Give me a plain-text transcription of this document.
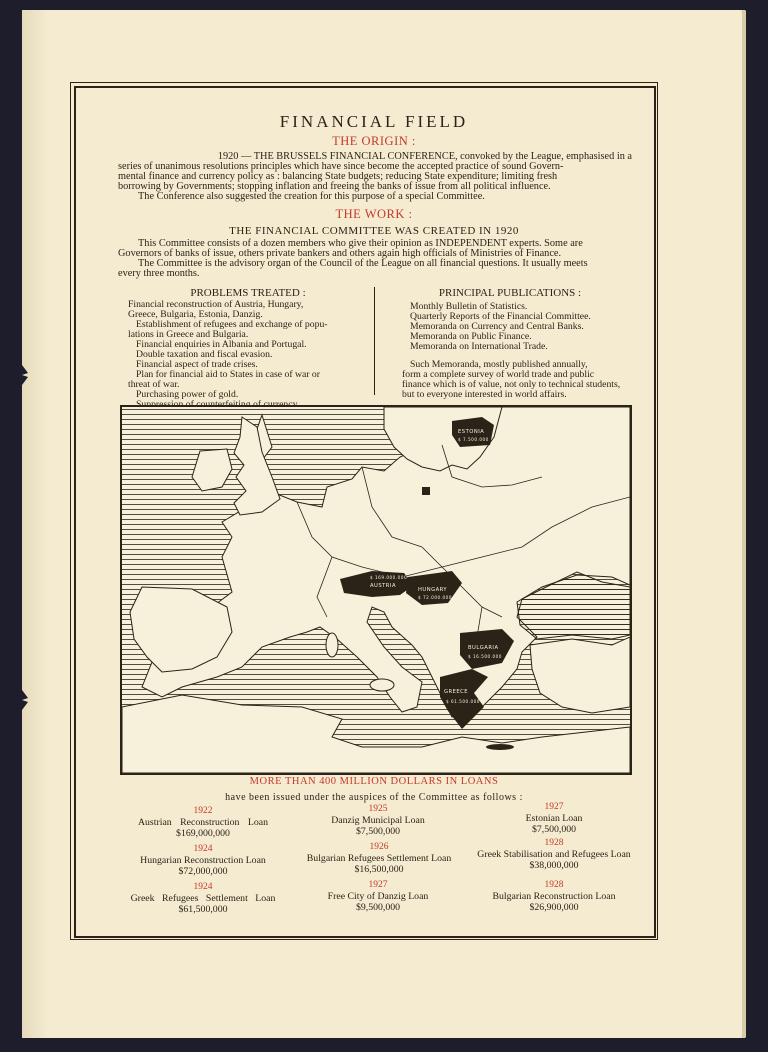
FINANCIAL FIELD

THE ORIGIN :

1920 — THE BRUSSELS FINANCIAL CONFERENCE, convoked by the League, emphasised in a

series of unanimous resolutions principles which have since become the accepted practice of sound Govern-

mental finance and currency policy as : balancing State budgets; reducing State expenditure; limiting fresh

borrowing by Governments; stopping inflation and freeing the banks of issue from all political influence.

The Conference also suggested the creation for this purpose of a special Committee.

THE WORK :

THE FINANCIAL COMMITTEE WAS CREATED IN 1920

This Committee consists of a dozen members who give their opinion as INDEPENDENT experts. Some are

Governors of banks of issue, others private bankers and others again high officials of Ministries of Finance.

The Committee is the advisory organ of the Council of the League on all financial questions. It usually meets

every three months.

PROBLEMS TREATED :

Financial reconstruction of Austria, Hungary,
Greece, Bulgaria, Estonia, Danzig.
Establishment of refugees and exchange of popu-
lations in Greece and Bulgaria.
Financial enquiries in Albania and Portugal.
Double taxation and fiscal evasion.
Financial aspect of trade crises.
Plan for financial aid to States in case of war or
threat of war.
Purchasing power of gold.

PRINCIPAL PUBLICATIONS :

Monthly Bulletin of Statistics.
Quarterly Reports of the Financial Committee.
Memoranda on Currency and Central Banks.
Memoranda on Public Finance.
Memoranda on International Trade.
Such Memoranda, mostly published annually,
form a complete survey of world trade and public
finance which is of value, not only to technical students,
but to everyone interested in world affairs.
ESTONIA
$ 7.500.000
$ 169.000.000
AUSTRIA
HUNGARY
$ 72.000.000
BULGARIA
$ 16.500.000
GREECE
$ 61.500.000

MORE THAN 400 MILLION DOLLARS IN LOANS

have been issued under the auspices of the Committee as follows :

1922
Austrian Reconstruction Loan
$169,000,000
1924
Hungarian Reconstruction Loan
$72,000,000
1924
Greek Refugees Settlement Loan
$61,500,000
1925
Danzig Municipal Loan
$7,500,000
1926
Bulgarian Refugees Settlement Loan
$16,500,000
1927
Free City of Danzig Loan
$9,500,000
1927
Estonian Loan
$7,500,000
1928
Greek Stabilisation and Refugees Loan
$38,000,000
1928
Bulgarian Reconstruction Loan
$26,900,000
